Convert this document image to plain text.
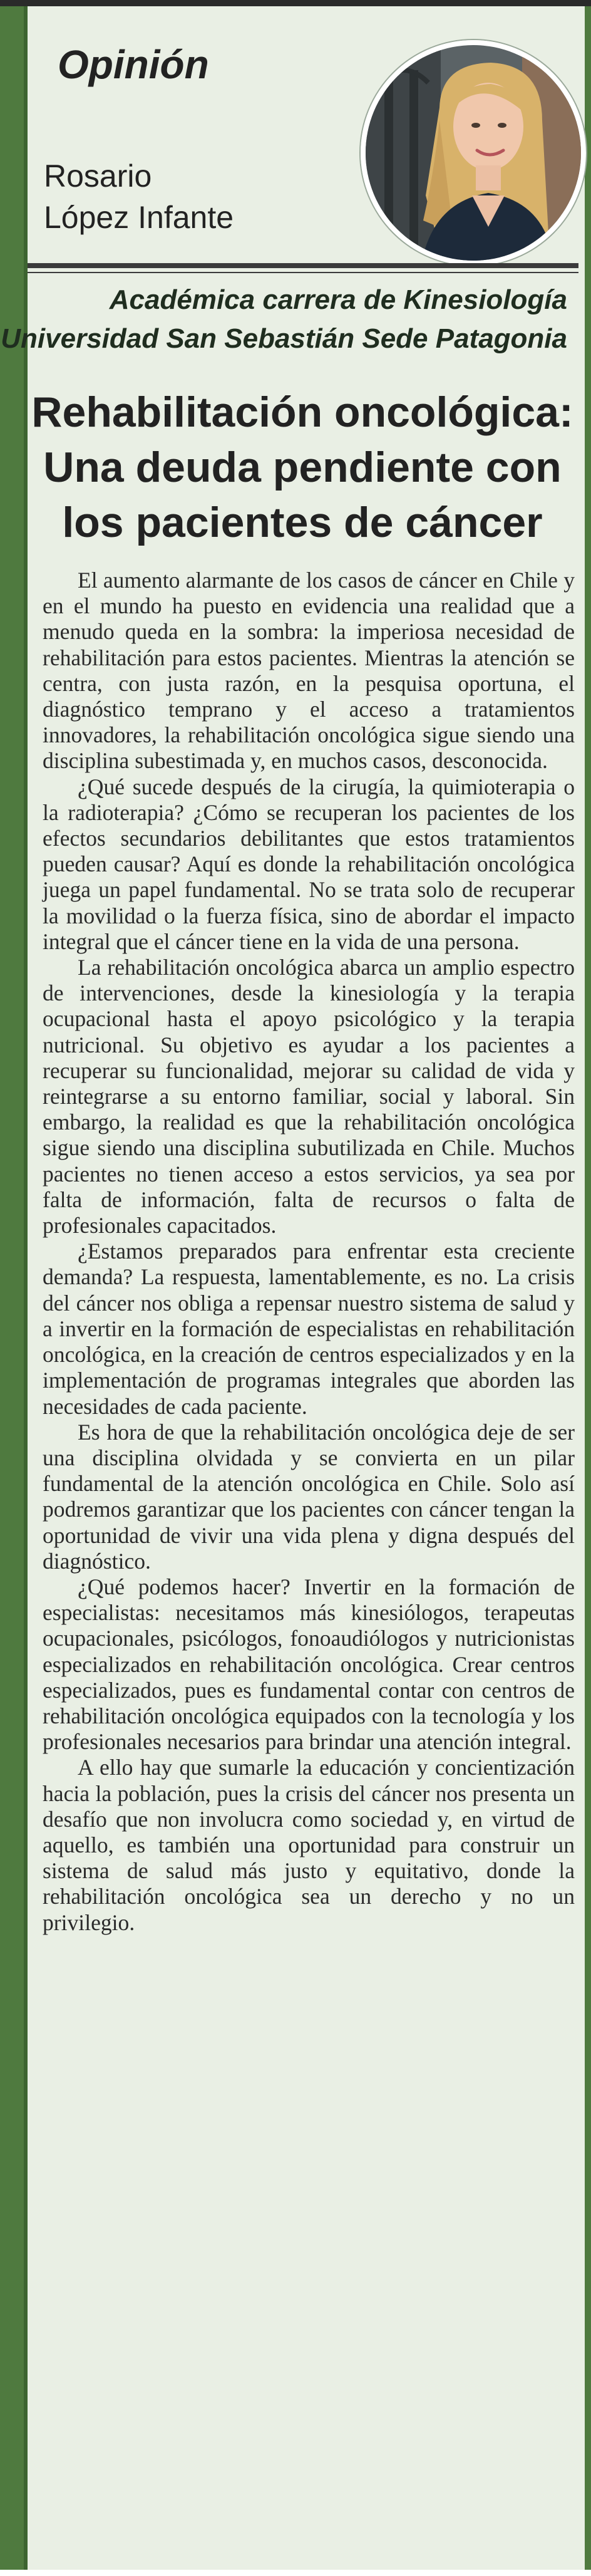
Opinión
Rosario
López Infante
Académica carrera de Kinesiología
Universidad San Sebastián Sede Patagonia
Rehabilitación oncológica: Una deuda pendiente con los pacientes de cáncer

El aumento alarmante de los casos de cáncer en Chile y en el mundo ha puesto en evidencia una realidad que a menudo queda en la sombra: la imperiosa necesidad de rehabilitación para estos pacientes. Mientras la atención se centra, con justa razón, en la pesquisa oportuna, el diagnóstico temprano y el acceso a tratamientos innovadores, la rehabilitación oncológica sigue siendo una disciplina subestimada y, en muchos casos, desconocida.

¿Qué sucede después de la cirugía, la quimioterapia o la radioterapia? ¿Cómo se recuperan los pacientes de los efectos secundarios debilitantes que estos tratamientos pueden causar? Aquí es donde la rehabilitación oncológica juega un papel fundamental. No se trata solo de recuperar la movilidad o la fuerza física, sino de abordar el impacto integral que el cáncer tiene en la vida de una persona.

La rehabilitación oncológica abarca un amplio espectro de intervenciones, desde la kinesiología y la terapia ocupacional hasta el apoyo psicológico y la terapia nutricional. Su objetivo es ayudar a los pacientes a recuperar su funcionalidad, mejorar su calidad de vida y reintegrarse a su entorno familiar, social y laboral. Sin embargo, la realidad es que la rehabilitación oncológica sigue siendo una disciplina subutilizada en Chile. Muchos pacientes no tienen acceso a estos servicios, ya sea por falta de información, falta de recursos o falta de profesionales capacitados.

¿Estamos preparados para enfrentar esta creciente demanda? La respuesta, lamentablemente, es no. La crisis del cáncer nos obliga a repensar nuestro sistema de salud y a invertir en la formación de especialistas en rehabilitación oncológica, en la creación de centros especializados y en la implementación de programas integrales que aborden las necesidades de cada paciente.

Es hora de que la rehabilitación oncológica deje de ser una disciplina olvidada y se convierta en un pilar fundamental de la atención oncológica en Chile. Solo así podremos garantizar que los pacientes con cáncer tengan la oportunidad de vivir una vida plena y digna después del diagnóstico.

¿Qué podemos hacer? Invertir en la formación de especialistas: necesitamos más kinesiólogos, terapeutas ocupacionales, psicólogos, fonoaudiólogos y nutricionistas especializados en rehabilitación oncológica. Crear centros especializados, pues es fundamental contar con centros de rehabilitación oncológica equipados con la tecnología y los profesionales necesarios para brindar una atención integral.

A ello hay que sumarle la educación y concientización hacia la población, pues la crisis del cáncer nos presenta un desafío que non involucra como sociedad y, en virtud de aquello, es también una oportunidad para construir un sistema de salud más justo y equitativo, donde la rehabilitación oncológica sea un derecho y no un privilegio.
